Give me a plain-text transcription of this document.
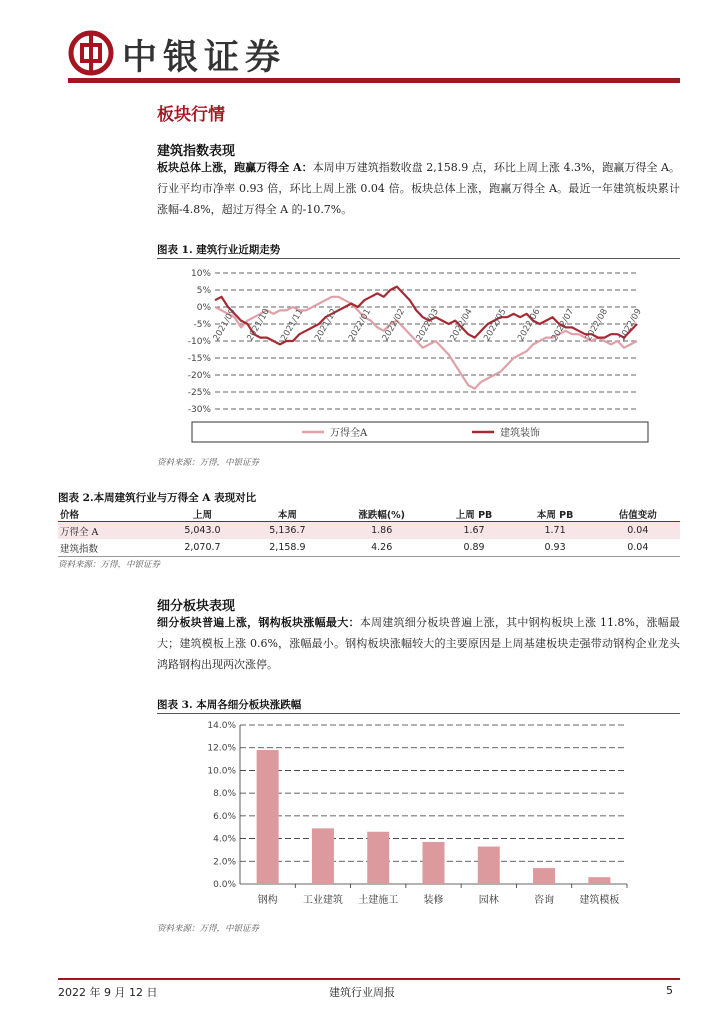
中银证券
板块行情
建筑指数表现
板块总体上涨，跑赢万得全 A：本周申万建筑指数收盘 2,158.9 点，环比上周上涨 4.3%，跑赢万得全 A。行业平均市净率 0.93 倍，环比上周上涨 0.04 倍。板块总体上涨，跑赢万得全 A。最近一年建筑板块累计涨幅-4.8%，超过万得全 A 的-10.7%。
图表 1. 建筑行业近期走势
10%
5%
0%
-5%
-10%
-15%
-20%
-25%
-30%
2021/09 2021/10 2021/11 2021/12 2022/01 2022/02 2022/03 2022/04 2022/05 2022/06 2022/07 2022/08 2022/09
万得全A	建筑装饰
资料来源：万得，中银证券
图表 2.本周建筑行业与万得全 A 表现对比
价格	上周	本周	涨跌幅(%)	上周 PB	本周 PB	估值变动
万得全 A	5,043.0	5,136.7	1.86	1.67	1.71	0.04
建筑指数	2,070.7	2,158.9	4.26	0.89	0.93	0.04
资料来源：万得，中银证券
细分板块表现
细分板块普遍上涨，钢构板块涨幅最大：本周建筑细分板块普遍上涨，其中钢构板块上涨 11.8%，涨幅最大；建筑模板上涨 0.6%，涨幅最小。钢构板块涨幅较大的主要原因是上周基建板块走强带动钢构企业龙头鸿路钢构出现两次涨停。
图表 3. 本周各细分板块涨跌幅
0.0%
2.0%
4.0%
6.0%
8.0%
10.0%
12.0%
14.0%
钢构	工业建筑 土建施工	装修	园林	咨询	建筑模板
资料来源：万得，中银证券
2022 年 9 月 12 日	建筑行业周报	5
